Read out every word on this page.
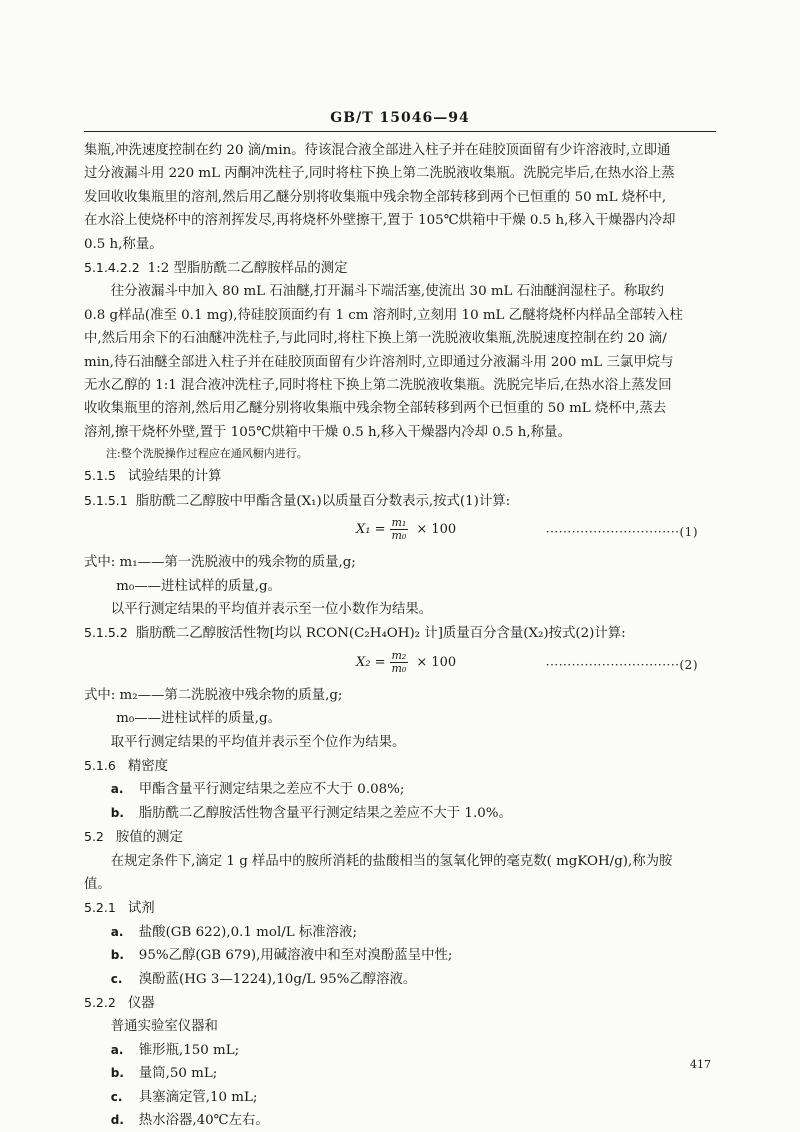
GB/T 15046—94

集瓶,冲洗速度控制在约 20 滴/min。待该混合液全部进入柱子并在硅胶顶面留有少许溶液时,立即通

过分液漏斗用 220 mL 丙酮冲洗柱子,同时将柱下换上第二洗脱液收集瓶。洗脱完毕后,在热水浴上蒸

发回收收集瓶里的溶剂,然后用乙醚分别将收集瓶中残余物全部转移到两个已恒重的 50 mL 烧杯中,

在水浴上使烧杯中的溶剂挥发尽,再将烧杯外壁擦干,置于 105℃烘箱中干燥 0.5 h,移入干燥器内冷却

0.5 h,称量。

5.1.4.2.2 1:2 型脂肪酰二乙醇胺样品的测定

往分液漏斗中加入 80 mL 石油醚,打开漏斗下端活塞,使流出 30 mL 石油醚润湿柱子。称取约

0.8 g样品(准至 0.1 mg),待硅胶顶面约有 1 cm 溶剂时,立刻用 10 mL 乙醚将烧杯内样品全部转入柱

中,然后用余下的石油醚冲洗柱子,与此同时,将柱下换上第一洗脱液收集瓶,洗脱速度控制在约 20 滴/

min,待石油醚全部进入柱子并在硅胶顶面留有少许溶剂时,立即通过分液漏斗用 200 mL 三氯甲烷与

无水乙醇的 1:1 混合液冲洗柱子,同时将柱下换上第二洗脱液收集瓶。洗脱完毕后,在热水浴上蒸发回

收收集瓶里的溶剂,然后用乙醚分别将收集瓶中残余物全部转移到两个已恒重的 50 mL 烧杯中,蒸去

溶剂,擦干烧杯外壁,置于 105℃烘箱中干燥 0.5 h,移入干燥器内冷却 0.5 h,称量。

注:整个洗脱操作过程应在通风橱内进行。

5.1.5 试验结果的计算

5.1.5.1 脂肪酰二乙醇胺中甲酯含量(X₁)以质量百分数表示,按式(1)计算:

$X_1 = \frac{\text{m₁}}{\text{m₀}} \times 100$	·······························(1)

式中: m₁——第一洗脱液中的残余物的质量,g;

m₀——进柱试样的质量,g。

以平行测定结果的平均值并表示至一位小数作为结果。

5.1.5.2 脂肪酰二乙醇胺活性物[均以 RCON(C₂H₄OH)₂ 计]质量百分含量(X₂)按式(2)计算:

$X_2 = \frac{\text{m₂}}{\text{m₀}} \times 100$	·······························(2)

式中: m₂——第二洗脱液中残余物的质量,g;

m₀——进柱试样的质量,g。

取平行测定结果的平均值并表示至个位作为结果。

5.1.6 精密度

a. 甲酯含量平行测定结果之差应不大于 0.08%;

b. 脂肪酰二乙醇胺活性物含量平行测定结果之差应不大于 1.0%。

5.2 胺值的测定

在规定条件下,滴定 1 g 样品中的胺所消耗的盐酸相当的氢氧化钾的毫克数( mgKOH/g),称为胺

值。

5.2.1 试剂

a. 盐酸(GB 622),0.1 mol/L 标准溶液;

b. 95%乙醇(GB 679),用碱溶液中和至对溴酚蓝呈中性;

c. 溴酚蓝(HG 3—1224),10g/L 95%乙醇溶液。

5.2.2 仪器

普通实验室仪器和

a. 锥形瓶,150 mL;

b. 量筒,50 mL;

c. 具塞滴定管,10 mL;

d. 热水浴器,40℃左右。

417
